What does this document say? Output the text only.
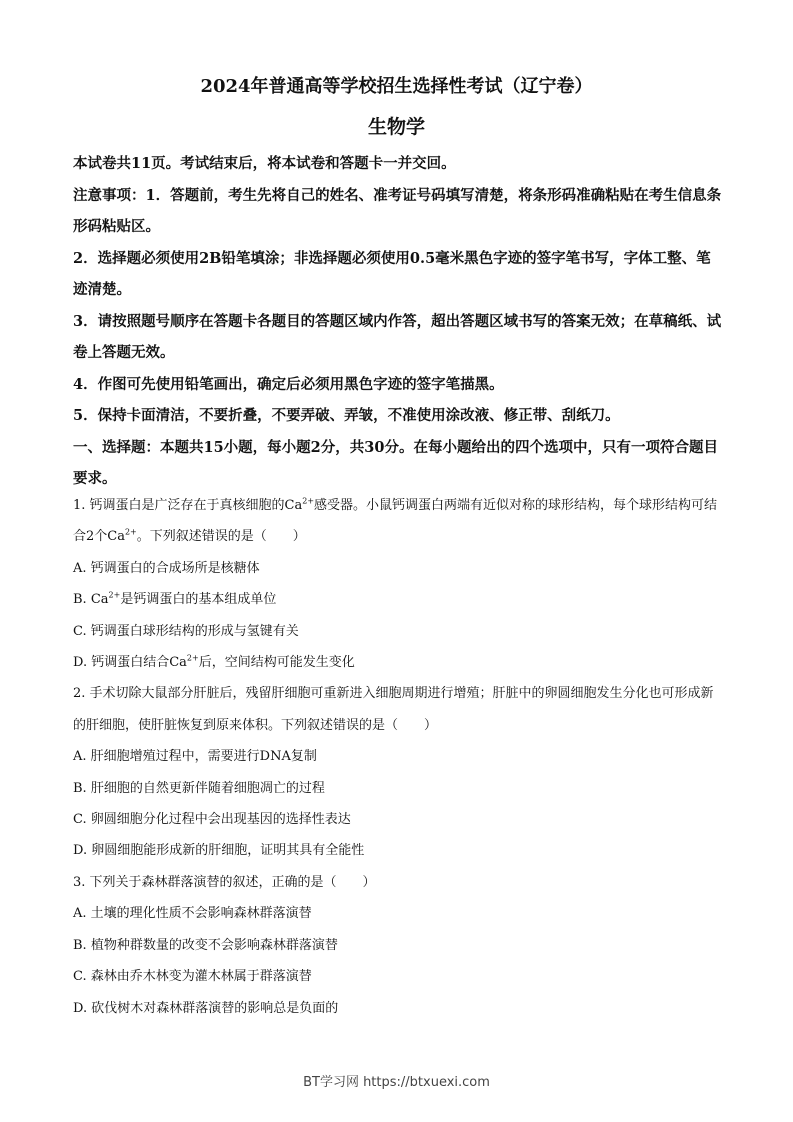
2024年普通高等学校招生选择性考试（辽宁卷）
生物学

本试卷共11页。考试结束后，将本试卷和答题卡一并交回。

注意事项：1．答题前，考生先将自己的姓名、准考证号码填写清楚，将条形码准确粘贴在考生信息条形码粘贴区。

2．选择题必须使用2B铅笔填涂；非选择题必须使用0.5毫米黑色字迹的签字笔书写，字体工整、笔迹清楚。

3．请按照题号顺序在答题卡各题目的答题区域内作答，超出答题区域书写的答案无效；在草稿纸、试卷上答题无效。

4．作图可先使用铅笔画出，确定后必须用黑色字迹的签字笔描黑。

5．保持卡面清洁，不要折叠，不要弄破、弄皱，不准使用涂改液、修正带、刮纸刀。

一、选择题：本题共15小题，每小题2分，共30分。在每小题给出的四个选项中，只有一项符合题目要求。

1. 钙调蛋白是广泛存在于真核细胞的$Ca^{2+}$感受器。小鼠钙调蛋白两端有近似对称的球形结构，每个球形结构可结合2个$Ca^{2+}$。下列叙述错误的是（　　）

A. 钙调蛋白的合成场所是核糖体

B. $Ca^{2+}$是钙调蛋白的基本组成单位

C. 钙调蛋白球形结构的形成与氢键有关

D. 钙调蛋白结合$Ca^{2+}$后，空间结构可能发生变化

2. 手术切除大鼠部分肝脏后，残留肝细胞可重新进入细胞周期进行增殖；肝脏中的卵圆细胞发生分化也可形成新的肝细胞，使肝脏恢复到原来体积。下列叙述错误的是（　　）

A. 肝细胞增殖过程中，需要进行DNA复制

B. 肝细胞的自然更新伴随着细胞凋亡的过程

C. 卵圆细胞分化过程中会出现基因的选择性表达

D. 卵圆细胞能形成新的肝细胞，证明其具有全能性

3. 下列关于森林群落演替的叙述，正确的是（　　）

A. 土壤的理化性质不会影响森林群落演替

B. 植物种群数量的改变不会影响森林群落演替

C. 森林由乔木林变为灌木林属于群落演替

D. 砍伐树木对森林群落演替的影响总是负面的

BT学习网 https://btxuexi.com
